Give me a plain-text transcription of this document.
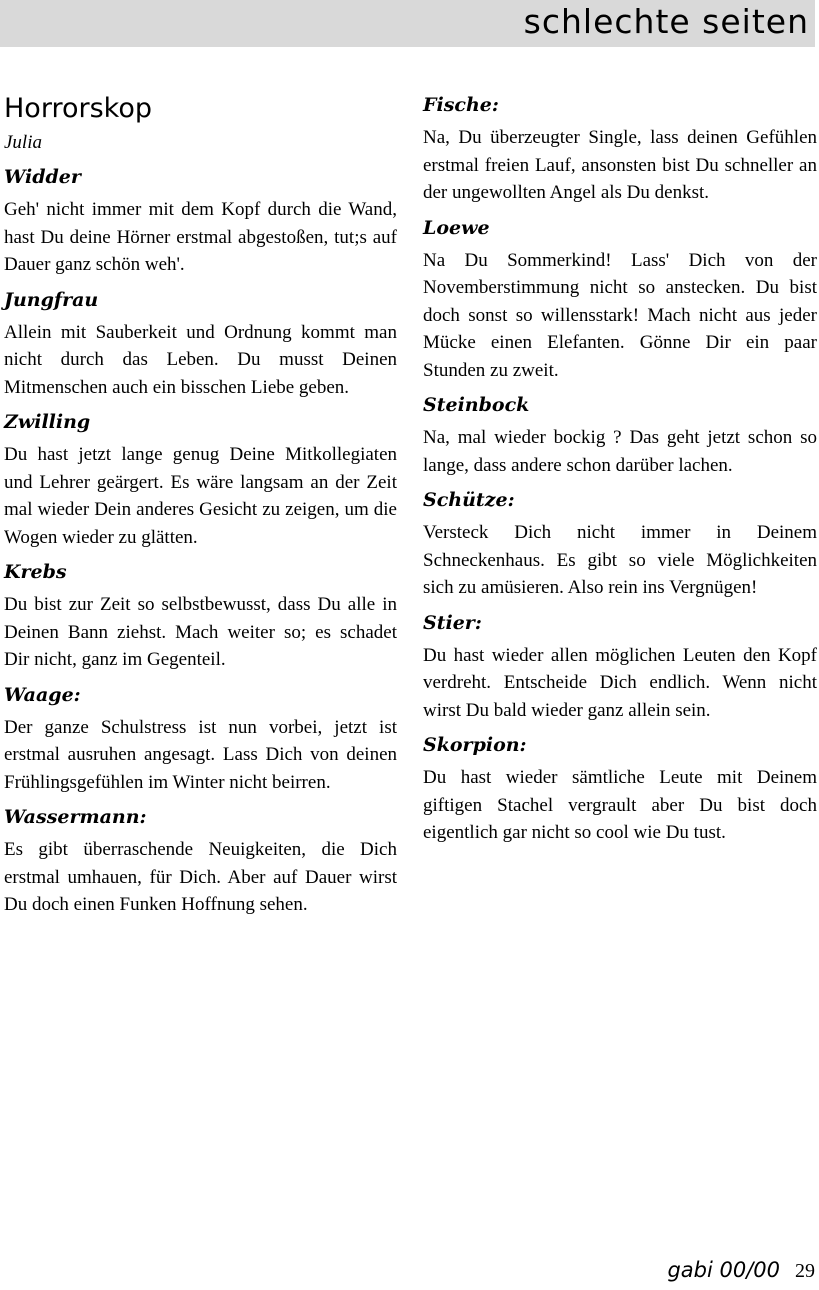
schlechte seiten
Horrorskop
Julia
Widder

Geh' nicht immer mit dem Kopf durch die Wand, hast Du deine Hörner erstmal abgestoßen, tut;s auf Dauer ganz schön weh'.

Jungfrau

Allein mit Sauberkeit und Ordnung kommt man nicht durch das Leben. Du musst Deinen Mitmenschen auch ein bisschen Liebe geben.

Zwilling

Du hast jetzt lange genug Deine Mitkollegiaten und Lehrer geärgert. Es wäre langsam an der Zeit mal wieder Dein anderes Gesicht zu zeigen, um die Wogen wieder zu glätten.

Krebs

Du bist zur Zeit so selbstbewusst, dass Du alle in Deinen Bann ziehst. Mach weiter so; es schadet Dir nicht, ganz im Gegenteil.

Waage:

Der ganze Schulstress ist nun vorbei, jetzt ist erstmal ausruhen angesagt. Lass Dich von deinen Frühlingsgefühlen im Winter nicht beirren.

Wassermann:

Es gibt überraschende Neuigkeiten, die Dich erstmal umhauen, für Dich. Aber auf Dauer wirst Du doch einen Funken Hoffnung sehen.

Fische:

Na, Du überzeugter Single, lass deinen Gefühlen erstmal freien Lauf, ansonsten bist Du schneller an der ungewollten Angel als Du denkst.

Loewe

Na Du Sommerkind! Lass' Dich von der Novemberstimmung nicht so anstecken. Du bist doch sonst so willensstark! Mach nicht aus jeder Mücke einen Elefanten. Gönne Dir ein paar Stunden zu zweit.

Steinbock

Na, mal wieder bockig ? Das geht jetzt schon so lange, dass andere schon darüber lachen.

Schütze:

Versteck Dich nicht immer in Deinem Schneckenhaus. Es gibt so viele Möglichkeiten sich zu amüsieren. Also rein ins Vergnügen!

Stier:

Du hast wieder allen möglichen Leuten den Kopf verdreht. Entscheide Dich endlich. Wenn nicht wirst Du bald wieder ganz allein sein.

Skorpion:

Du hast wieder sämtliche Leute mit Deinem giftigen Stachel vergrault aber Du bist doch eigentlich gar nicht so cool wie Du tust.

gabi 00/00 29
